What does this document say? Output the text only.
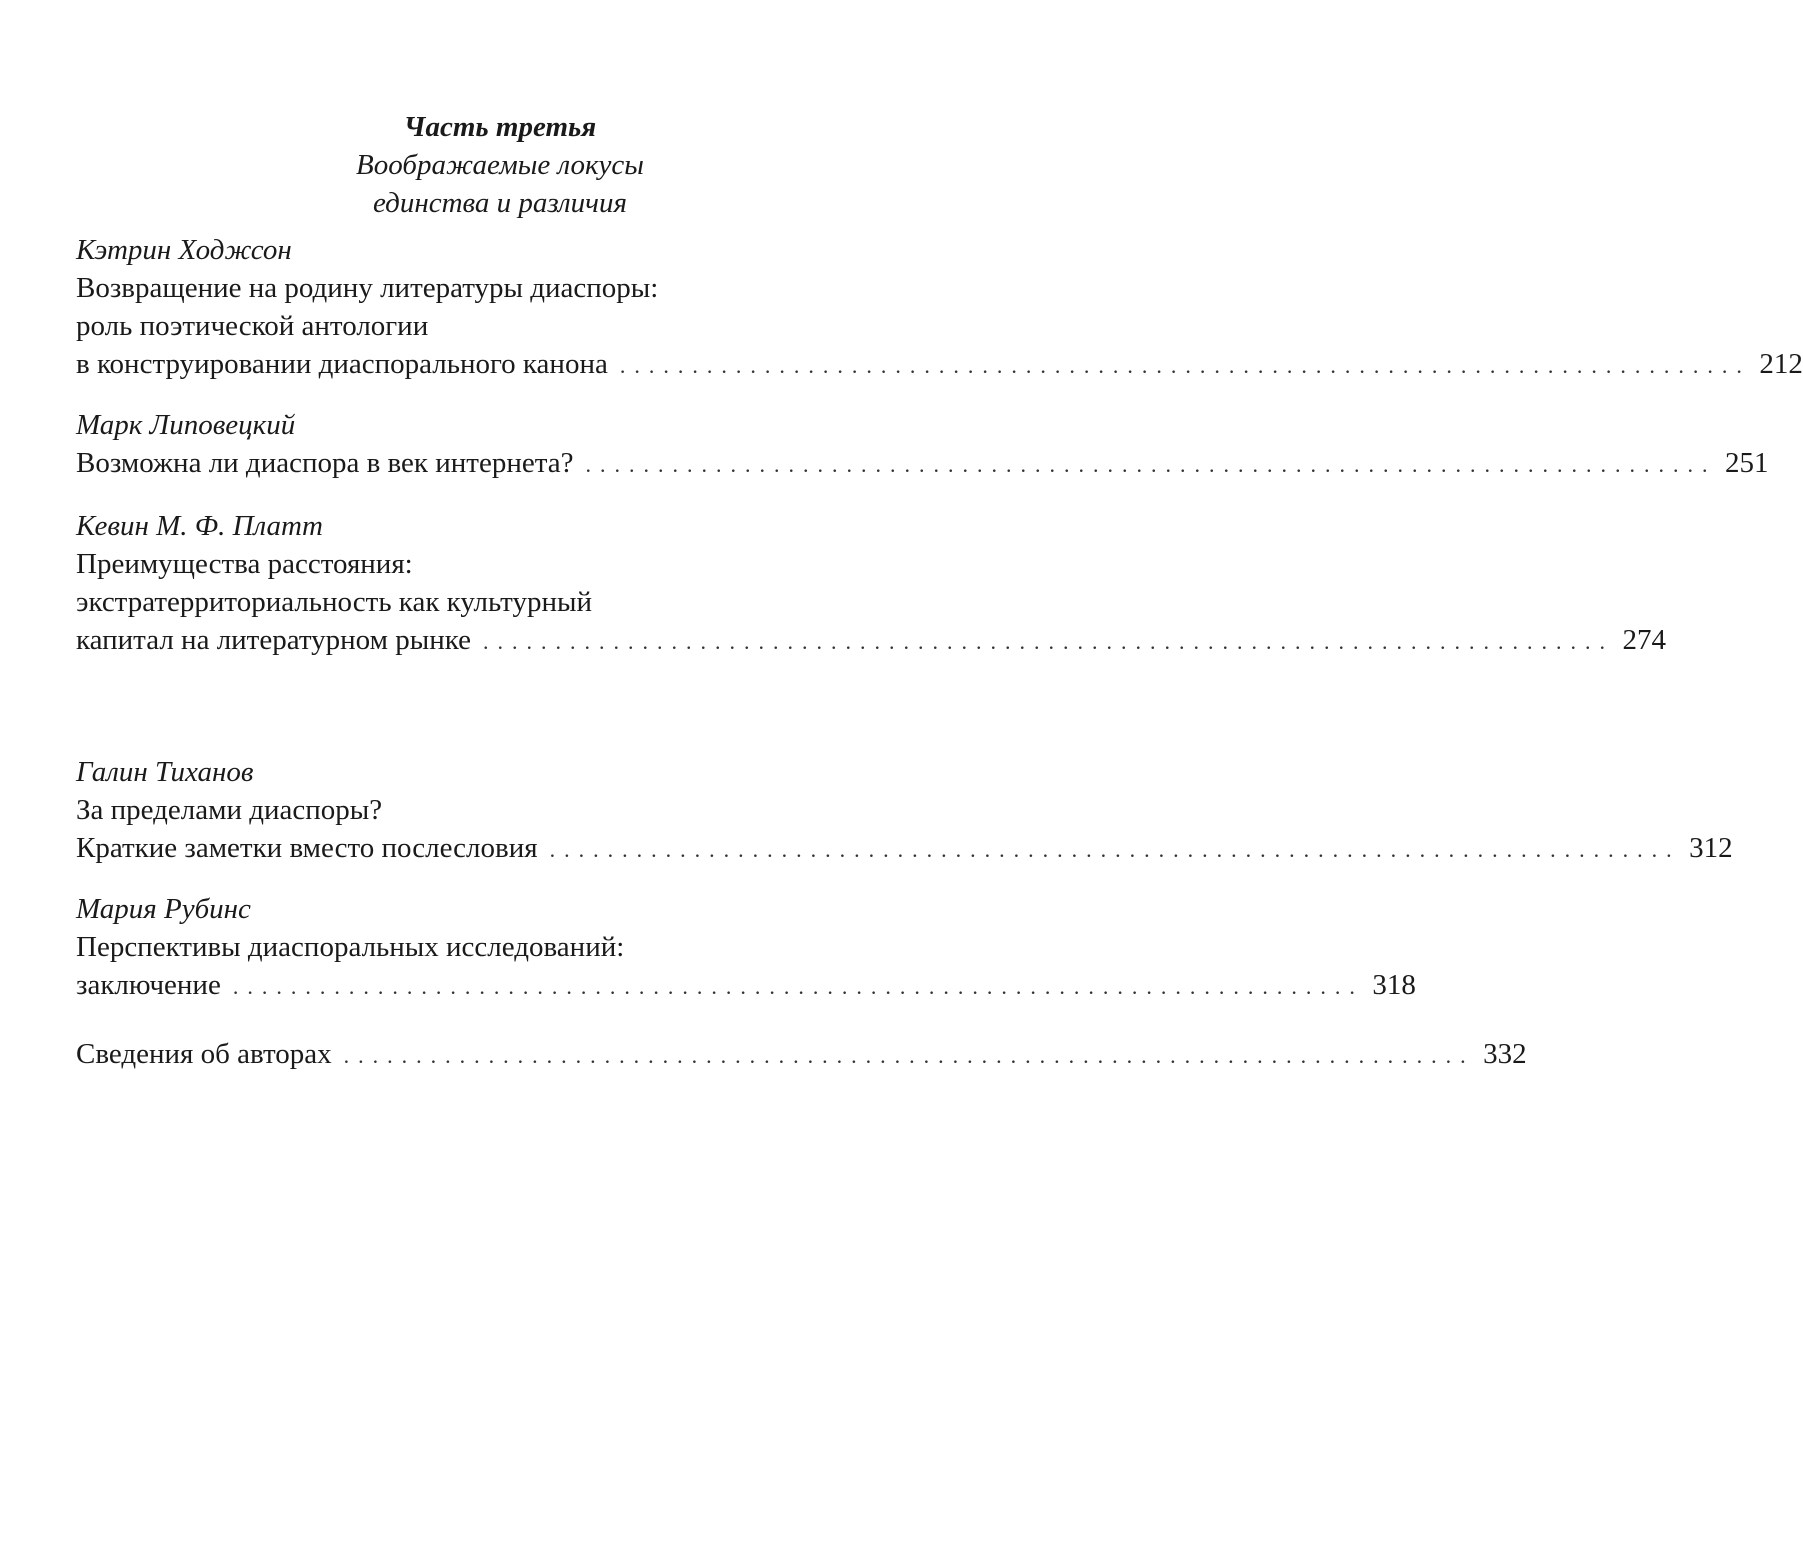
Часть третья
Воображаемые локусы
единства и различия
Кэтрин Ходжсон
Возвращение на родину литературы диаспоры:
роль поэтической антологии
в конструировании диаспорального канона .............................................................................. 212
Марк Липовецкий
Возможна ли диаспора в век интернета? .............................................................................. 251
Кевин М. Ф. Платт
Преимущества расстояния:
экстратерриториальность как культурный
капитал на литературном рынке .............................................................................. 274
Галин Тиханов
За пределами диаспоры?
Краткие заметки вместо послесловия .............................................................................. 312
Мария Рубинс
Перспективы диаспоральных исследований:
заключение .............................................................................. 318
Сведения об авторах .............................................................................. 332
